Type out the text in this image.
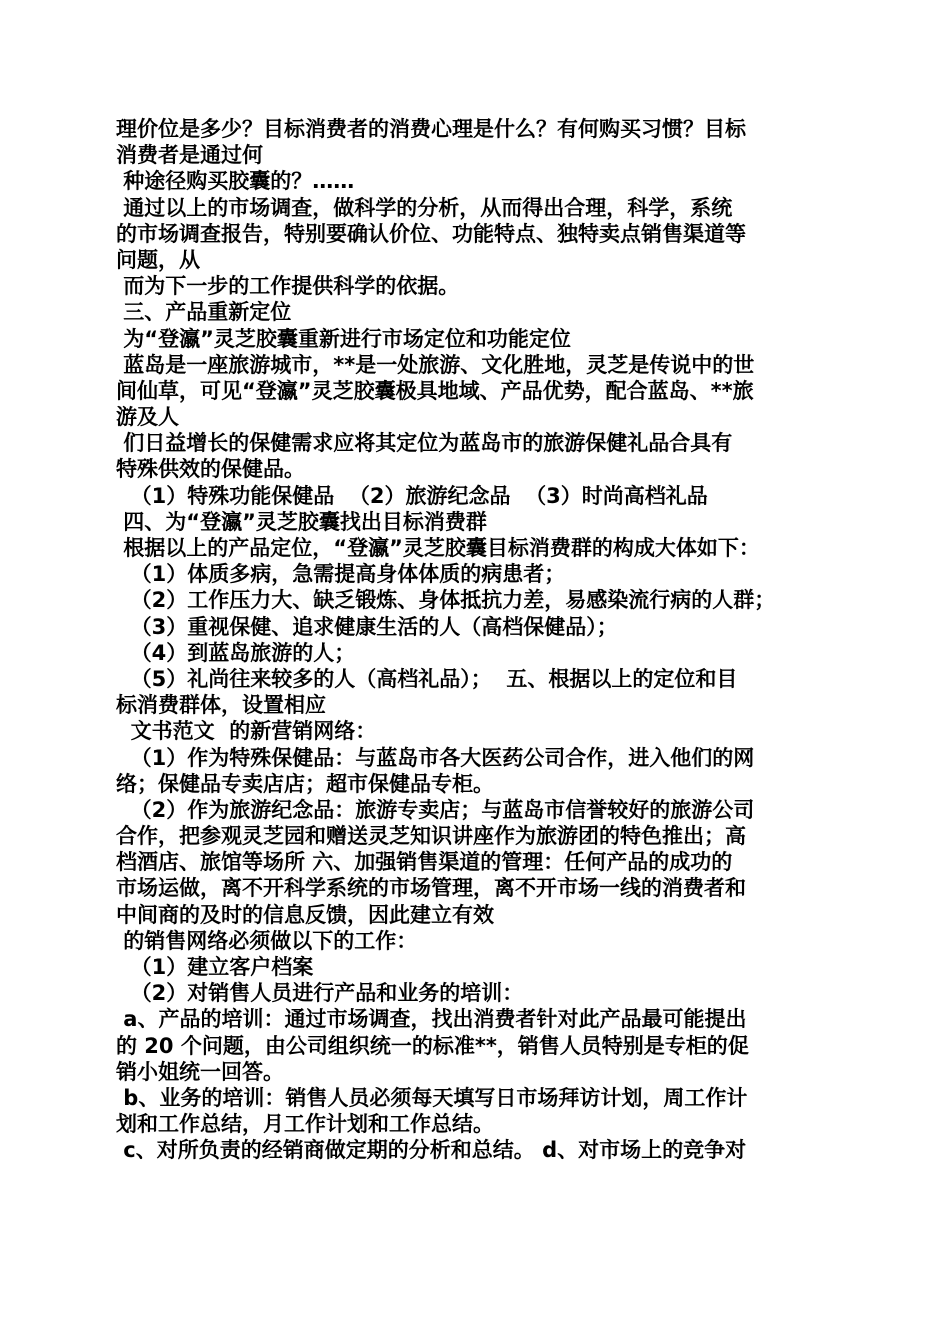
理价位是多少？目标消费者的消费心理是什么？有何购买习惯？目标
消费者是通过何
种途径购买胶囊的？……
通过以上的市场调查，做科学的分析，从而得出合理，科学，系统
的市场调查报告，特别要确认价位、功能特点、独特卖点销售渠道等
问题，从
而为下一步的工作提供科学的依据。
三、产品重新定位
为“登瀛”灵芝胶囊重新进行市场定位和功能定位
蓝岛是一座旅游城市，**是一处旅游、文化胜地，灵芝是传说中的世
间仙草，可见“登瀛”灵芝胶囊极具地域、产品优势，配合蓝岛、**旅
游及人
们日益增长的保健需求应将其定位为蓝岛市的旅游保健礼品合具有
特殊供效的保健品。
（1）特殊功能保健品  （2）旅游纪念品  （3）时尚高档礼品
四、为“登瀛”灵芝胶囊找出目标消费群
根据以上的产品定位，“登瀛”灵芝胶囊目标消费群的构成大体如下：
（1）体质多病，急需提高身体体质的病患者；
（2）工作压力大、缺乏锻炼、身体抵抗力差，易感染流行病的人群；
（3）重视保健、追求健康生活的人（高档保健品）；
（4）到蓝岛旅游的人；
（5）礼尚往来较多的人（高档礼品）；  五、根据以上的定位和目
标消费群体，设置相应
文书范文  的新营销网络：
（1）作为特殊保健品：与蓝岛市各大医药公司合作，进入他们的网
络；保健品专卖店店；超市保健品专柜。
（2）作为旅游纪念品：旅游专卖店；与蓝岛市信誉较好的旅游公司
合作，把参观灵芝园和赠送灵芝知识讲座作为旅游团的特色推出；高
档酒店、旅馆等场所 六、加强销售渠道的管理：任何产品的成功的
市场运做，离不开科学系统的市场管理，离不开市场一线的消费者和
中间商的及时的信息反馈，因此建立有效
的销售网络必须做以下的工作：
（1）建立客户档案
（2）对销售人员进行产品和业务的培训：
a、产品的培训：通过市场调查，找出消费者针对此产品最可能提出
的 20 个问题，由公司组织统一的标准**，销售人员特别是专柜的促
销小姐统一回答。
b、业务的培训：销售人员必须每天填写日市场拜访计划，周工作计
划和工作总结，月工作计划和工作总结。
c、对所负责的经销商做定期的分析和总结。 d、对市场上的竞争对
